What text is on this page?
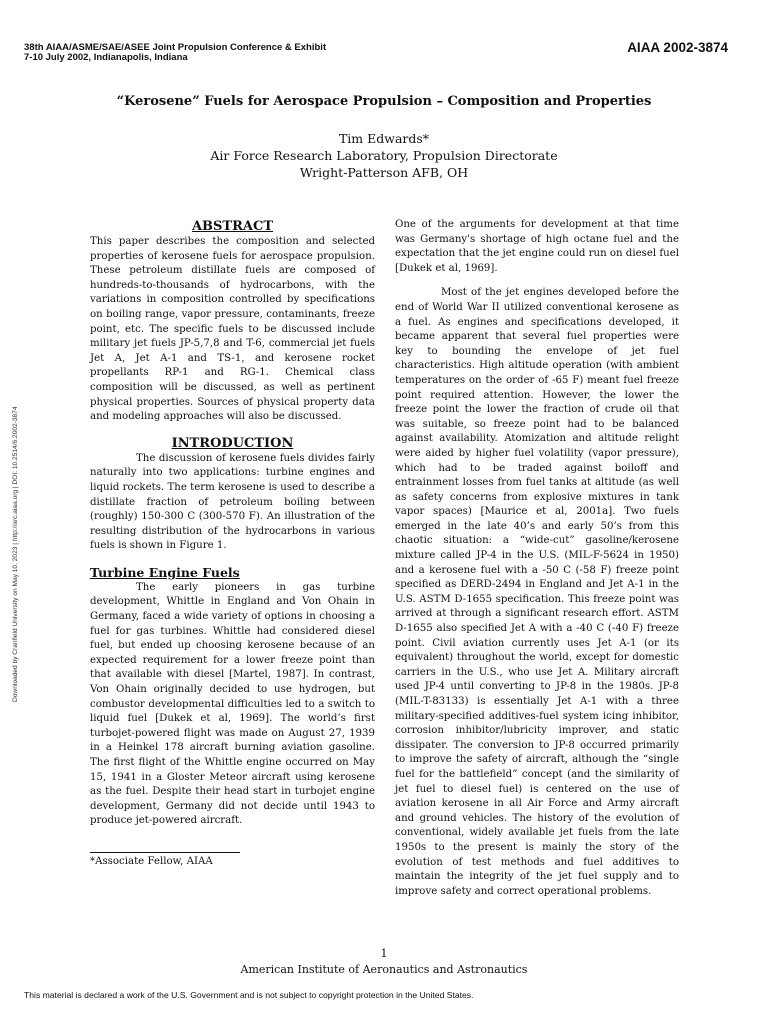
38th AIAA/ASME/SAE/ASEE Joint Propulsion Conference & Exhibit
7-10 July 2002, Indianapolis, Indiana
AIAA 2002-3874
“Kerosene” Fuels for Aerospace Propulsion – Composition and Properties
Tim Edwards*
Air Force Research Laboratory, Propulsion Directorate
Wright-Patterson AFB, OH
Downloaded by Cranfield University on May 10, 2023 | http://arc.aiaa.org | DOI: 10.2514/6.2002-3874
ABSTRACT

This paper describes the composition and selected properties of kerosene fuels for aerospace propulsion. These petroleum distillate fuels are composed of hundreds-to-thousands of hydrocarbons, with the variations in composition controlled by specifications on boiling range, vapor pressure, contaminants, freeze point, etc. The specific fuels to be discussed include military jet fuels JP-5,7,8 and T-6, commercial jet fuels Jet A, Jet A-1 and TS-1, and kerosene rocket propellants RP-1 and RG-1. Chemical class composition will be discussed, as well as pertinent physical properties. Sources of physical property data and modeling approaches will also be discussed.

INTRODUCTION

The discussion of kerosene fuels divides fairly naturally into two applications: turbine engines and liquid rockets. The term kerosene is used to describe a distillate fraction of petroleum boiling between (roughly) 150-300 C (300-570 F). An illustration of the resulting distribution of the hydrocarbons in various fuels is shown in Figure 1.

Turbine Engine Fuels

The early pioneers in gas turbine development, Whittle in England and Von Ohain in Germany, faced a wide variety of options in choosing a fuel for gas turbines. Whittle had considered diesel fuel, but ended up choosing kerosene because of an expected requirement for a lower freeze point than that available with diesel [Martel, 1987]. In contrast, Von Ohain originally decided to use hydrogen, but combustor developmental difficulties led to a switch to liquid fuel [Dukek et al, 1969]. The world’s first turbojet-powered flight was made on August 27, 1939 in a Heinkel 178 aircraft burning aviation gasoline. The first flight of the Whittle engine occurred on May 15, 1941 in a Gloster Meteor aircraft using kerosene as the fuel. Despite their head start in turbojet engine development, Germany did not decide until 1943 to produce jet-powered aircraft.

One of the arguments for development at that time was Germany's shortage of high octane fuel and the expectation that the jet engine could run on diesel fuel [Dukek et al, 1969].

Most of the jet engines developed before the end of World War II utilized conventional kerosene as a fuel. As engines and specifications developed, it became apparent that several fuel properties were key to bounding the envelope of jet fuel characteristics. High altitude operation (with ambient temperatures on the order of -65 F) meant fuel freeze point required attention. However, the lower the freeze point the lower the fraction of crude oil that was suitable, so freeze point had to be balanced against availability. Atomization and altitude relight were aided by higher fuel volatility (vapor pressure), which had to be traded against boiloff and entrainment losses from fuel tanks at altitude (as well as safety concerns from explosive mixtures in tank vapor spaces) [Maurice et al, 2001a]. Two fuels emerged in the late 40’s and early 50’s from this chaotic situation: a “wide-cut” gasoline/kerosene mixture called JP-4 in the U.S. (MIL-F-5624 in 1950) and a kerosene fuel with a -50 C (-58 F) freeze point specified as DERD-2494 in England and Jet A-1 in the U.S. ASTM D-1655 specification. This freeze point was arrived at through a significant research effort. ASTM D-1655 also specified Jet A with a -40 C (-40 F) freeze point. Civil aviation currently uses Jet A-1 (or its equivalent) throughout the world, except for domestic carriers in the U.S., who use Jet A. Military aircraft used JP-4 until converting to JP-8 in the 1980s. JP-8 (MIL-T-83133) is essentially Jet A-1 with a three military-specified additives-fuel system icing inhibitor, corrosion inhibitor/lubricity improver, and static dissipater. The conversion to JP-8 occurred primarily to improve the safety of aircraft, although the “single fuel for the battlefield” concept (and the similarity of jet fuel to diesel fuel) is centered on the use of aviation kerosene in all Air Force and Army aircraft and ground vehicles. The history of the evolution of conventional, widely available jet fuels from the late 1950s to the present is mainly the story of the evolution of test methods and fuel additives to maintain the integrity of the jet fuel supply and to improve safety and correct operational problems.

*Associate Fellow, AIAA
1
American Institute of Aeronautics and Astronautics
This material is declared a work of the U.S. Government and is not subject to copyright protection in the United States.
